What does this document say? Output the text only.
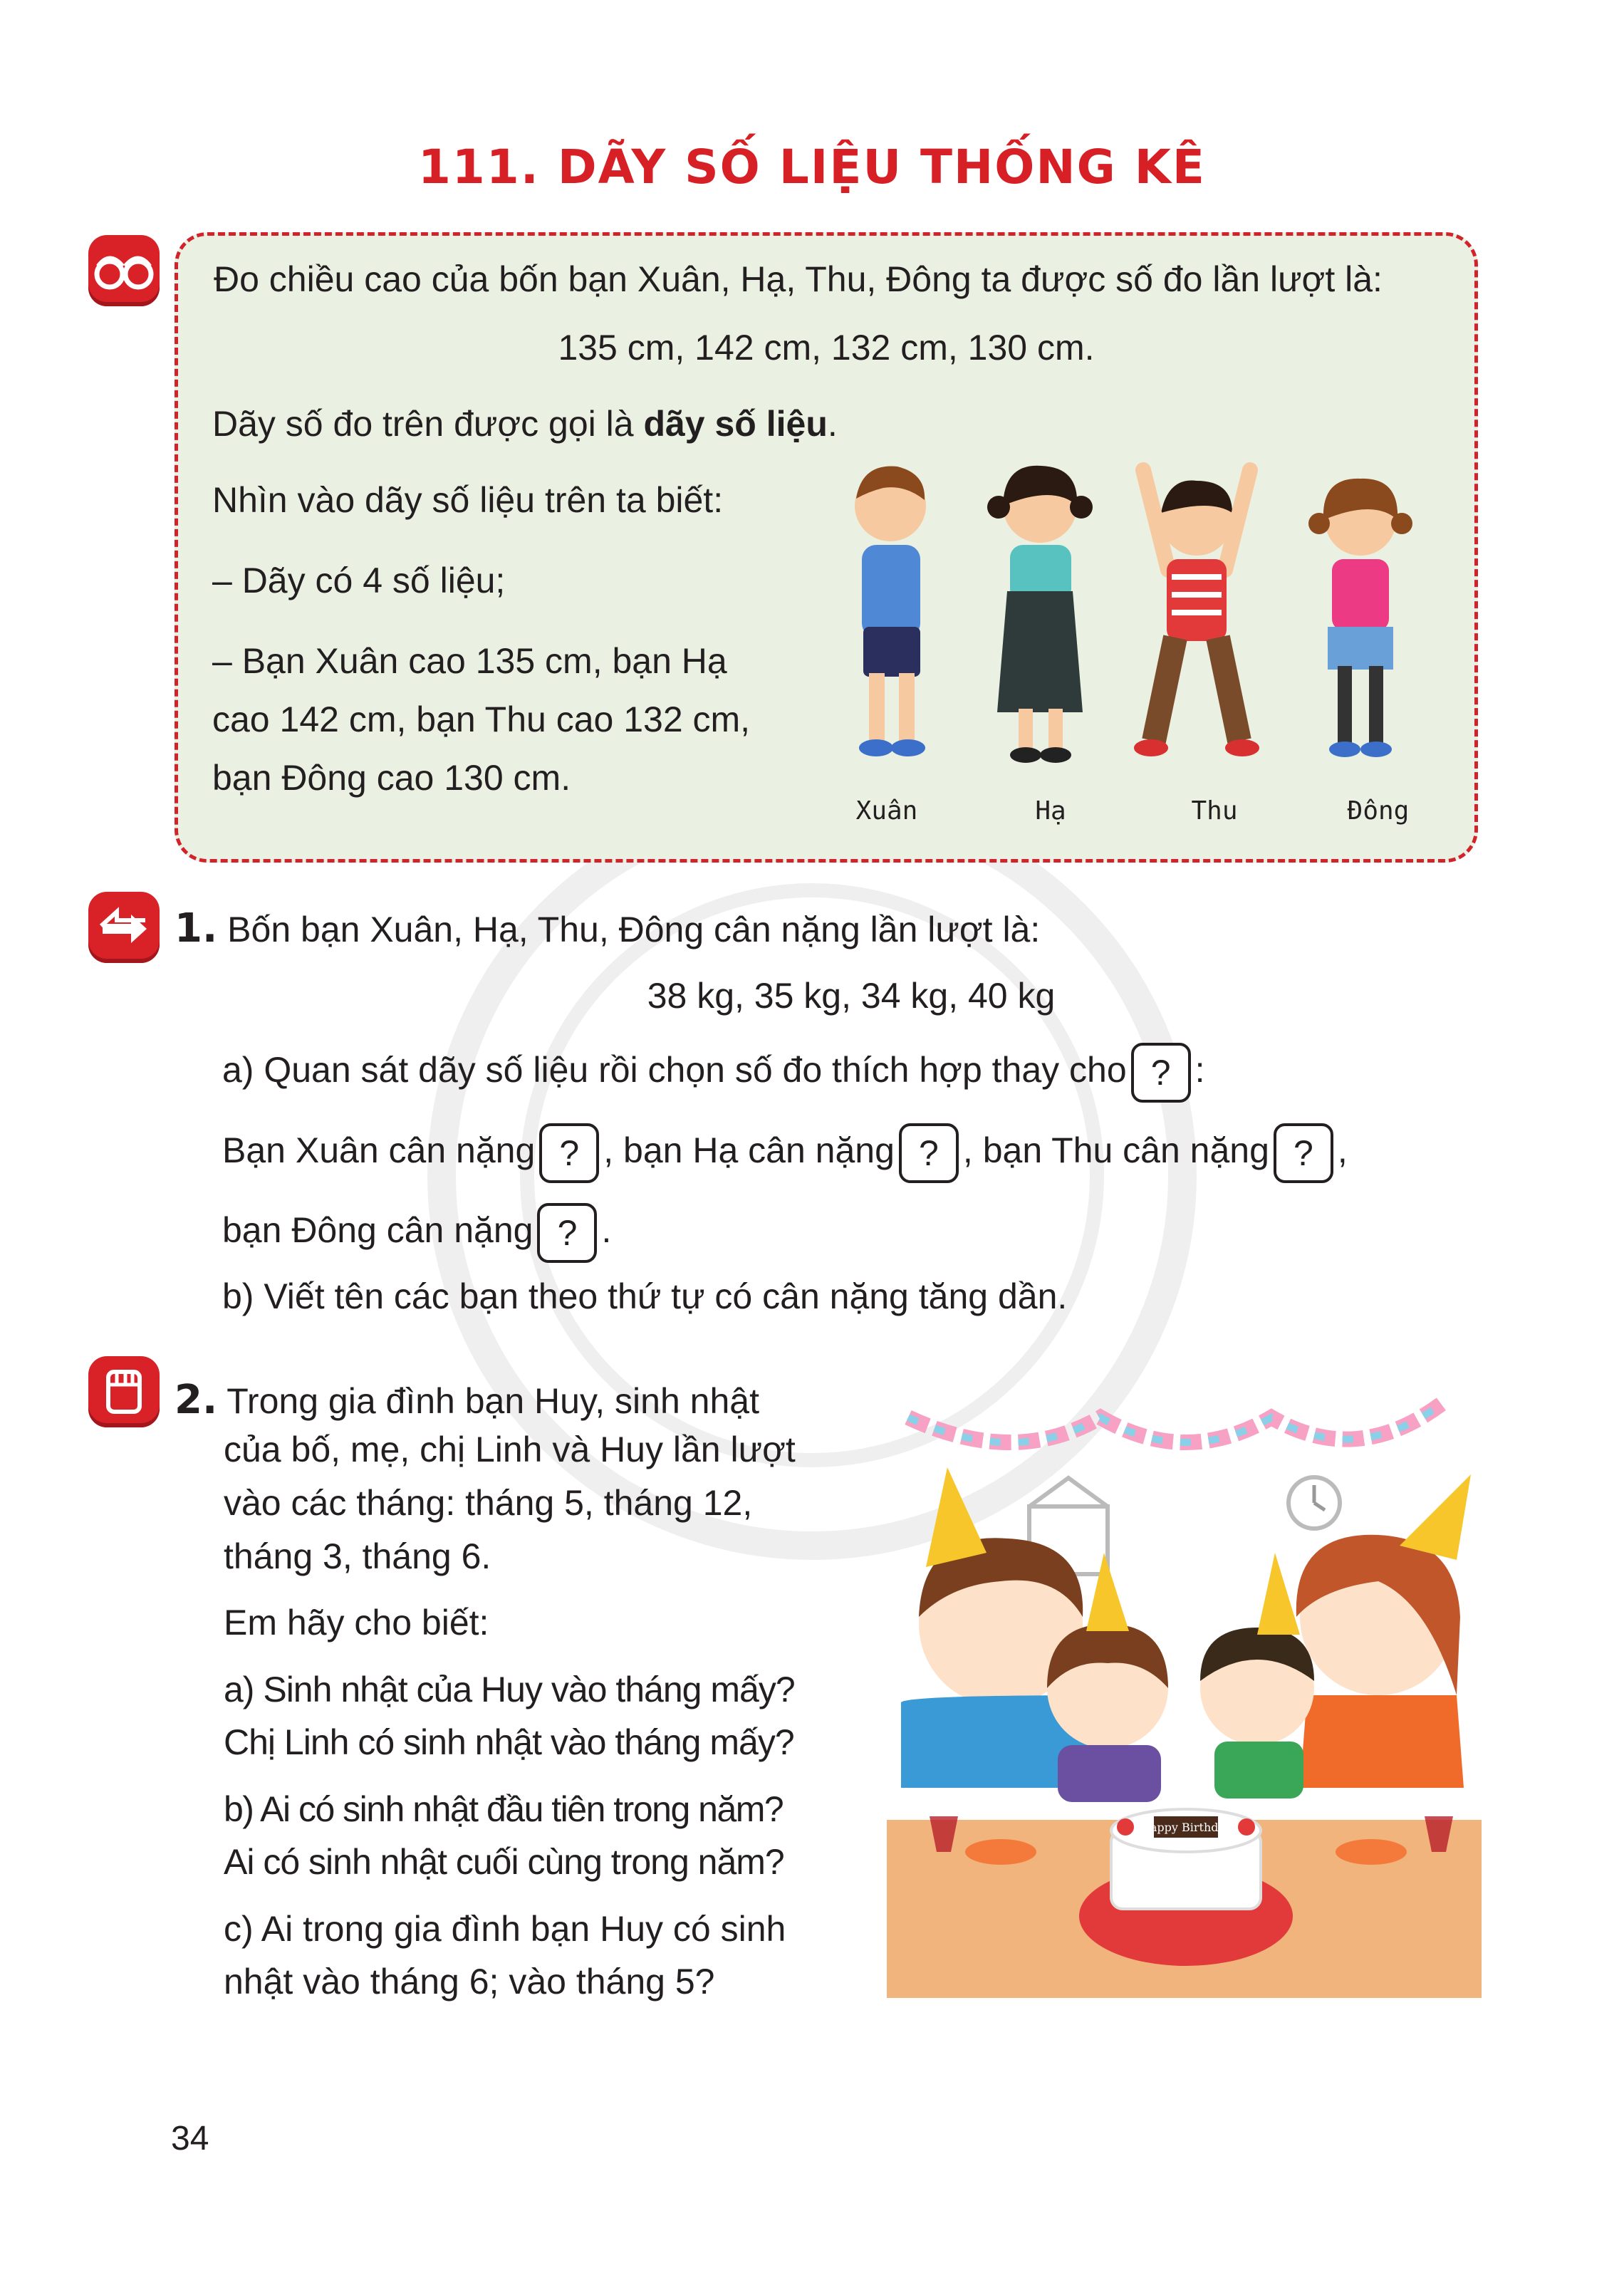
111. DÃY SỐ LIỆU THỐNG KÊ
Đo chiều cao của bốn bạn Xuân, Hạ, Thu, Đông ta được số đo lần lượt là:
135 cm, 142 cm, 132 cm, 130 cm.
Dãy số đo trên được gọi là dãy số liệu.
Nhìn vào dãy số liệu trên ta biết:
– Dãy có 4 số liệu;
– Bạn Xuân cao 135 cm, bạn Hạ
cao 142 cm, bạn Thu cao 132 cm,
bạn Đông cao 130 cm.
Xuân	Hạ	Thu	Đông
1. Bốn bạn Xuân, Hạ, Thu, Đông cân nặng lần lượt là:
38 kg, 35 kg, 34 kg, 40 kg
a) Quan sát dãy số liệu rồi chọn số đo thích hợp thay cho ? :
Bạn Xuân cân nặng ? , bạn Hạ cân nặng ? , bạn Thu cân nặng ? ,
bạn Đông cân nặng ? .
b) Viết tên các bạn theo thứ tự có cân nặng tăng dần.
2. Trong gia đình bạn Huy, sinh nhật
của bố, mẹ, chị Linh và Huy lần lượt
vào các tháng: tháng 5, tháng 12,
tháng 3, tháng 6.
Em hãy cho biết:
a) Sinh nhật của Huy vào tháng mấy?
Chị Linh có sinh nhật vào tháng mấy?
b) Ai có sinh nhật đầu tiên trong năm?
Ai có sinh nhật cuối cùng trong năm?
c) Ai trong gia đình bạn Huy có sinh
nhật vào tháng 6; vào tháng 5?
Happy Birthday
34
